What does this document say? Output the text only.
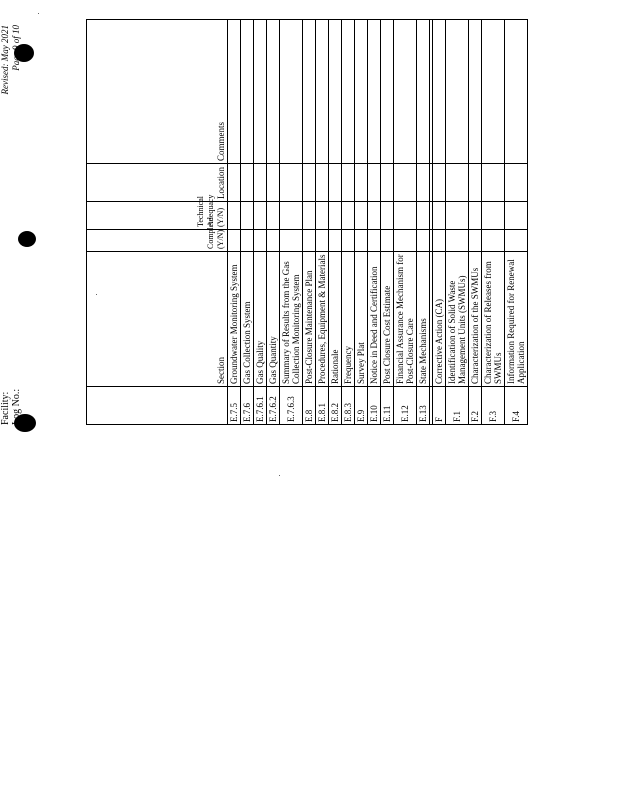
Facility: Log No.:
Revised: May 2021 Page 9 of 10
	Section	Complete (Y/N)	Technical Adequacy (Y/N)	Location	Comments
E.7.5	Groundwater Monitoring System				
E.7.6	Gas Collection System				
E.7.6.1	Gas Quality				
E.7.6.2	Gas Quantity				
E.7.6.3	Summary of Results from the Gas Collection Monitoring System				
E.8	Post-Closure Maintenance Plan				
E.8.1	Procedures, Equipment & Materials				
E.8.2	Rationale				
E.8.3	Frequency				
E.9	Survey Plat				
E.10	Notice in Deed and Certification				
E.11	Post Closure Cost Estimate				
E.12	Financial Assurance Mechanism for Post-Closure Care				
E.13	State Mechanisms				

F	Corrective Action (CA)				
F.1	Identification of Solid Waste Management Units (SWMUs)				
F.2	Characterization of the SWMUs				
F.3	Characterization of Releases from SWMUs				
F.4	Information Required for Renewal Application				
